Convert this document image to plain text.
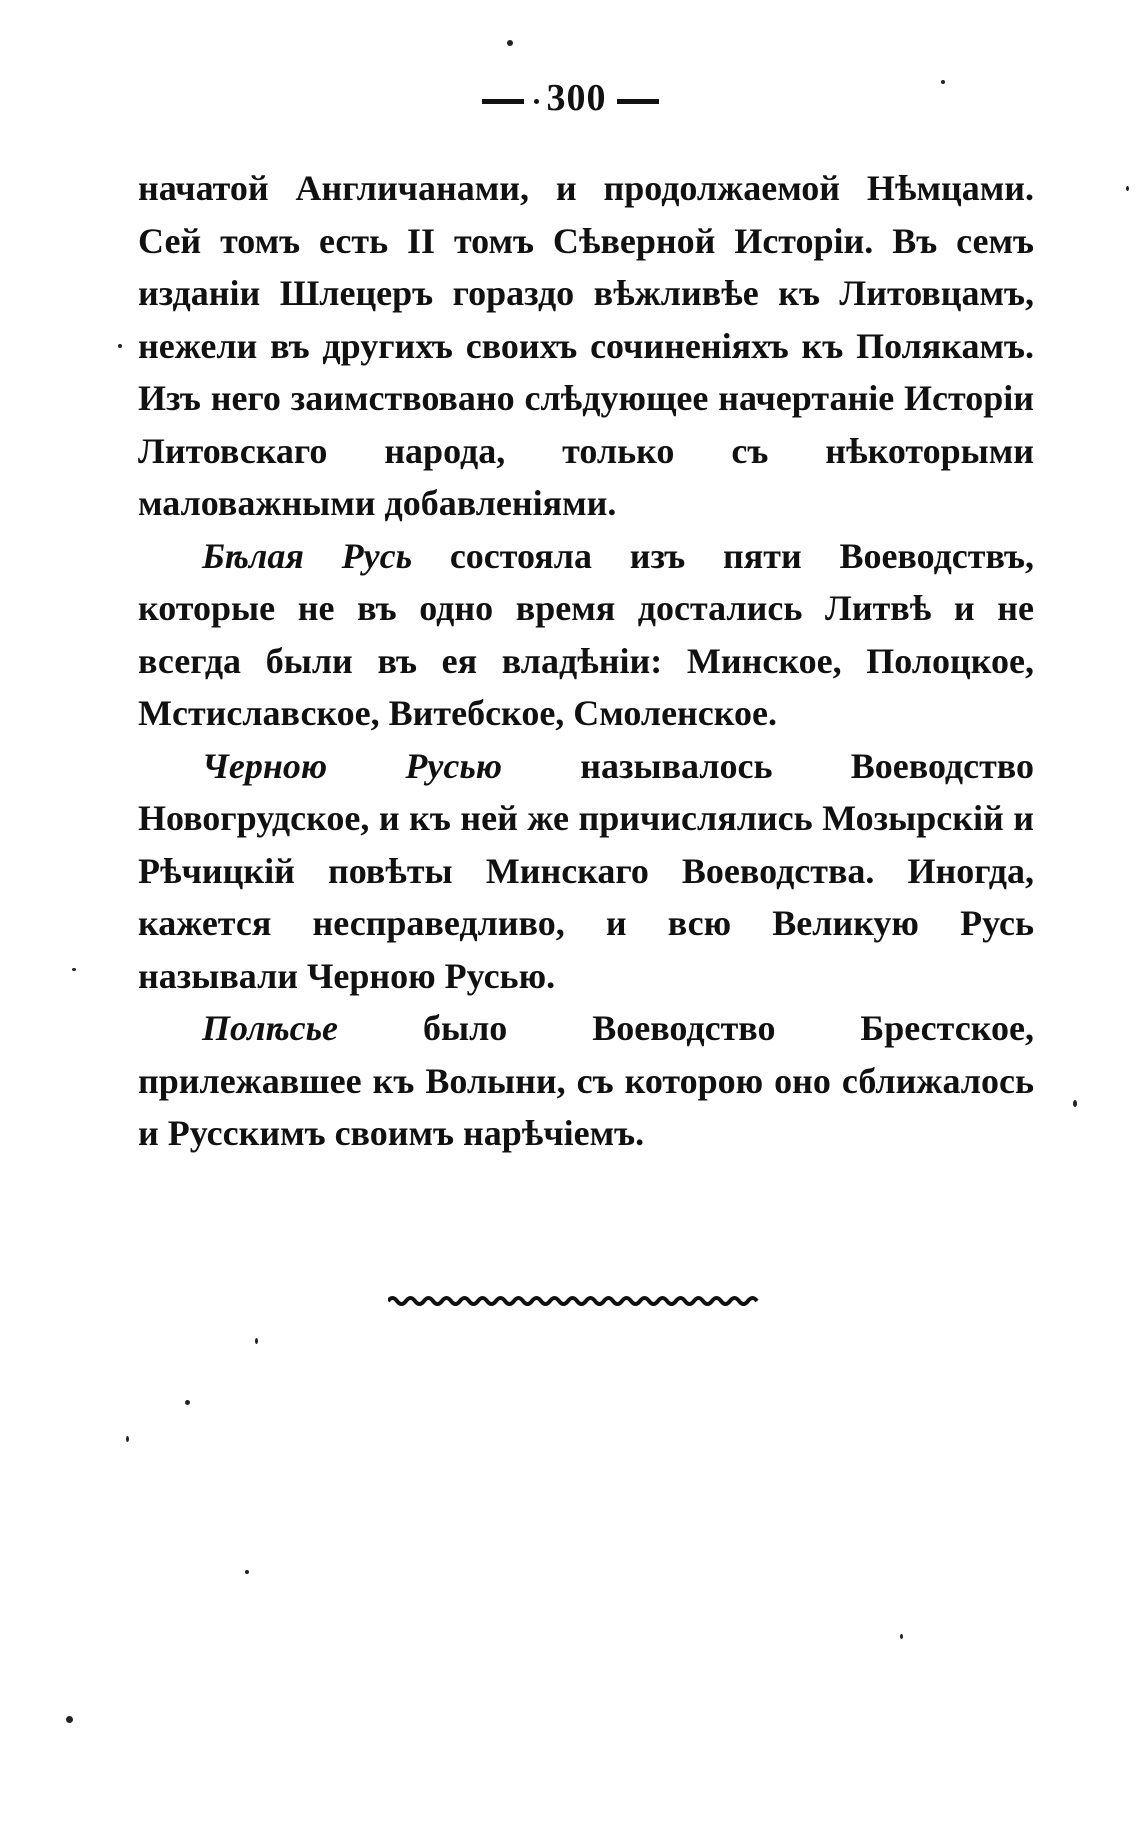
300

начатой Англичанами, и продолжаемой Нѣмцами. Сей томъ есть II томъ Сѣверной Исторіи. Въ семъ изданіи Шлецеръ гораздо вѣжливѣе къ Литовцамъ, нежели въ другихъ своихъ сочиненіяхъ къ Полякамъ. Изъ него заимствовано слѣдующее начертаніе Исторіи Литовскаго народа, только съ нѣкоторыми маловажными добавленіями.

Бѣлая Русь состояла изъ пяти Воеводствъ, которые не въ одно время достались Литвѣ и не всегда были въ ея владѣніи: Минское, Полоцкое, Мстиславское, Витебское, Смоленское.

Черною Русью называлось Воеводство Новогрудское, и къ ней же причислялись Мозырскій и Рѣчицкій повѣты Минскаго Воеводства. Иногда, кажется несправедливо, и всю Великую Русь называли Черною Русью.

Полѣсье было Воеводство Брестское, прилежавшее къ Волыни, съ которою оно сближалось и Русскимъ своимъ нарѣчіемъ.
